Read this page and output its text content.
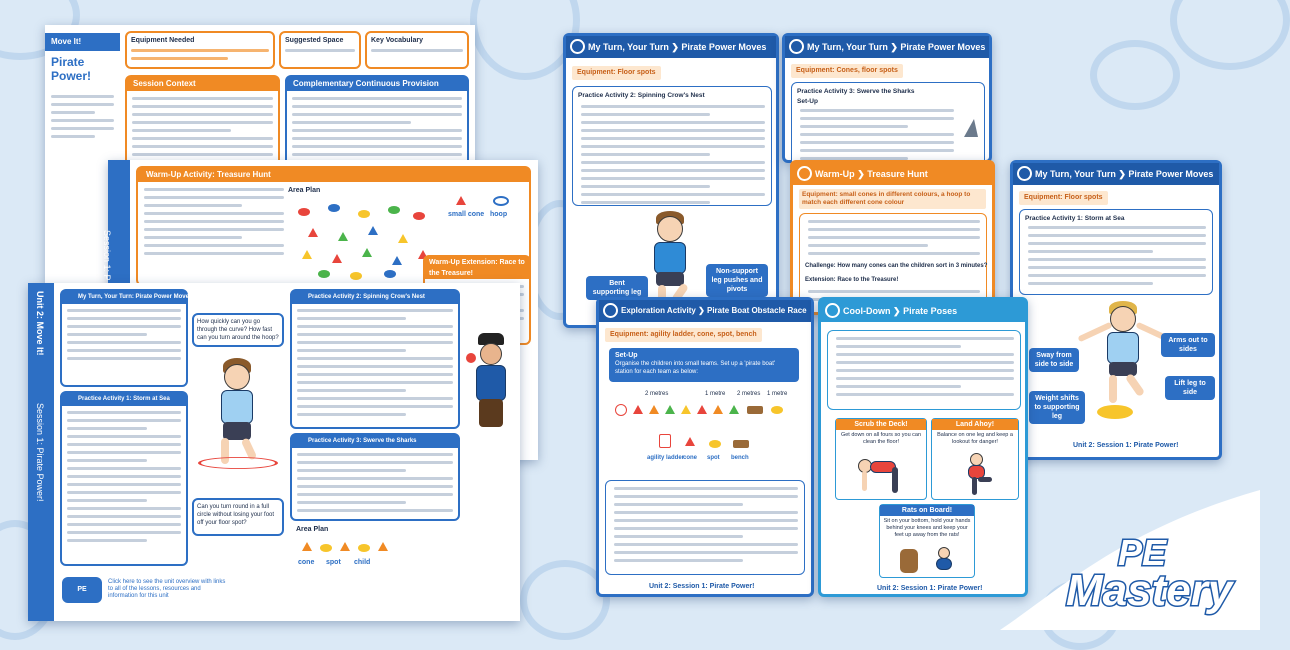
Move It!
Pirate Power!
Equipment Needed	Suggested Space	Key Vocabulary
Session Context	Complementary Continuous Provision
Session 1: P
Warm-Up Activity: Treasure Hunt
Area Plan
small cone hoop
Warm-Up Extension: Race to the Treasure!
Unit 2: Move It!
Session 1: Pirate Power!
My Turn, Your Turn: Pirate Power Moves
Practice Activity 1: Storm at Sea
How quickly can you go through the curve? How fast can you turn around the hoop?
Can you turn round in a full circle without losing your foot off your floor spot?
Practice Activity 2: Spinning Crow's Nest
Practice Activity 3: Swerve the Sharks
Area Plan
cone spot child
PE
Click here to see the unit overview with links to all of the lessons, resources and information for this unit
My Turn, Your Turn ❯ Pirate Power Moves
Equipment: Floor spots
Practice Activity 2: Spinning Crow's Nest
Bent supporting leg
Non-support leg pushes and pivots
My Turn, Your Turn ❯ Pirate Power Moves
Equipment: Cones, floor spots
Practice Activity 3: Swerve the Sharks
Set-Up
Warm-Up ❯ Treasure Hunt
Equipment: small cones in different colours, a hoop to match each different cone colour
Challenge: How many cones can the children sort in 3 minutes?
Extension: Race to the Treasure!
My Turn, Your Turn ❯ Pirate Power Moves
Equipment: Floor spots
Practice Activity 1: Storm at Sea
Sway from side to side
Arms out to sides
Lift leg to side
Weight shifts to supporting leg
Unit 2: Session 1: Pirate Power!
Exploration Activity ❯ Pirate Boat Obstacle Race
Equipment: agility ladder, cone, spot, bench
Set-Up
Organise the children into small teams. Set up a 'pirate boat' station for each team as below:
2 metres	1 metre 2 metres 1 metre
agility ladder
cone spot bench
Unit 2: Session 1: Pirate Power!
Cool-Down ❯ Pirate Poses
Scrub the Deck!
Get down on all fours so you can clean the floor!
Land Ahoy!
Balance on one leg and keep a lookout for danger!
Rats on Board!
Sit on your bottom, hold your hands behind your knees and keep your feet up away from the rats!
Unit 2: Session 1: Pirate Power!
PE
Mastery
